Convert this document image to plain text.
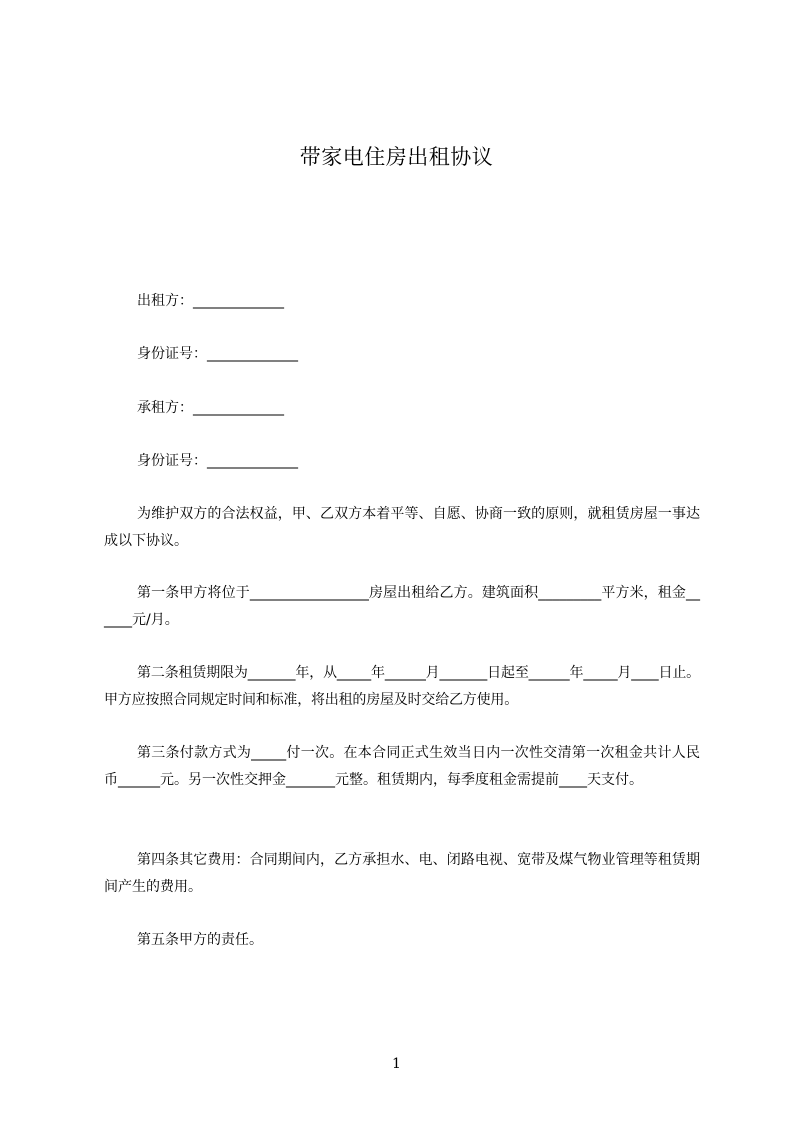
带家电住房出租协议
出租方：_____________
身份证号：_____________
承租方：_____________
身份证号：_____________
为维护双方的合法权益，甲、乙双方本着平等、自愿、协商一致的原则，就租赁房屋一事达成以下协议。
第一条甲方将位于_________________房屋出租给乙方。建筑面积_________平方米，租金______元/月。
第二条租赁期限为_______年，从_____年______月_______日起至______年_____月____日止。甲方应按照合同规定时间和标准，将出租的房屋及时交给乙方使用。
第三条付款方式为_____付一次。在本合同正式生效当日内一次性交清第一次租金共计人民币______元。另一次性交押金_______元整。租赁期内，每季度租金需提前____天支付。
第四条其它费用：合同期间内，乙方承担水、电、闭路电视、宽带及煤气物业管理等租赁期间产生的费用。
第五条甲方的责任。
1
